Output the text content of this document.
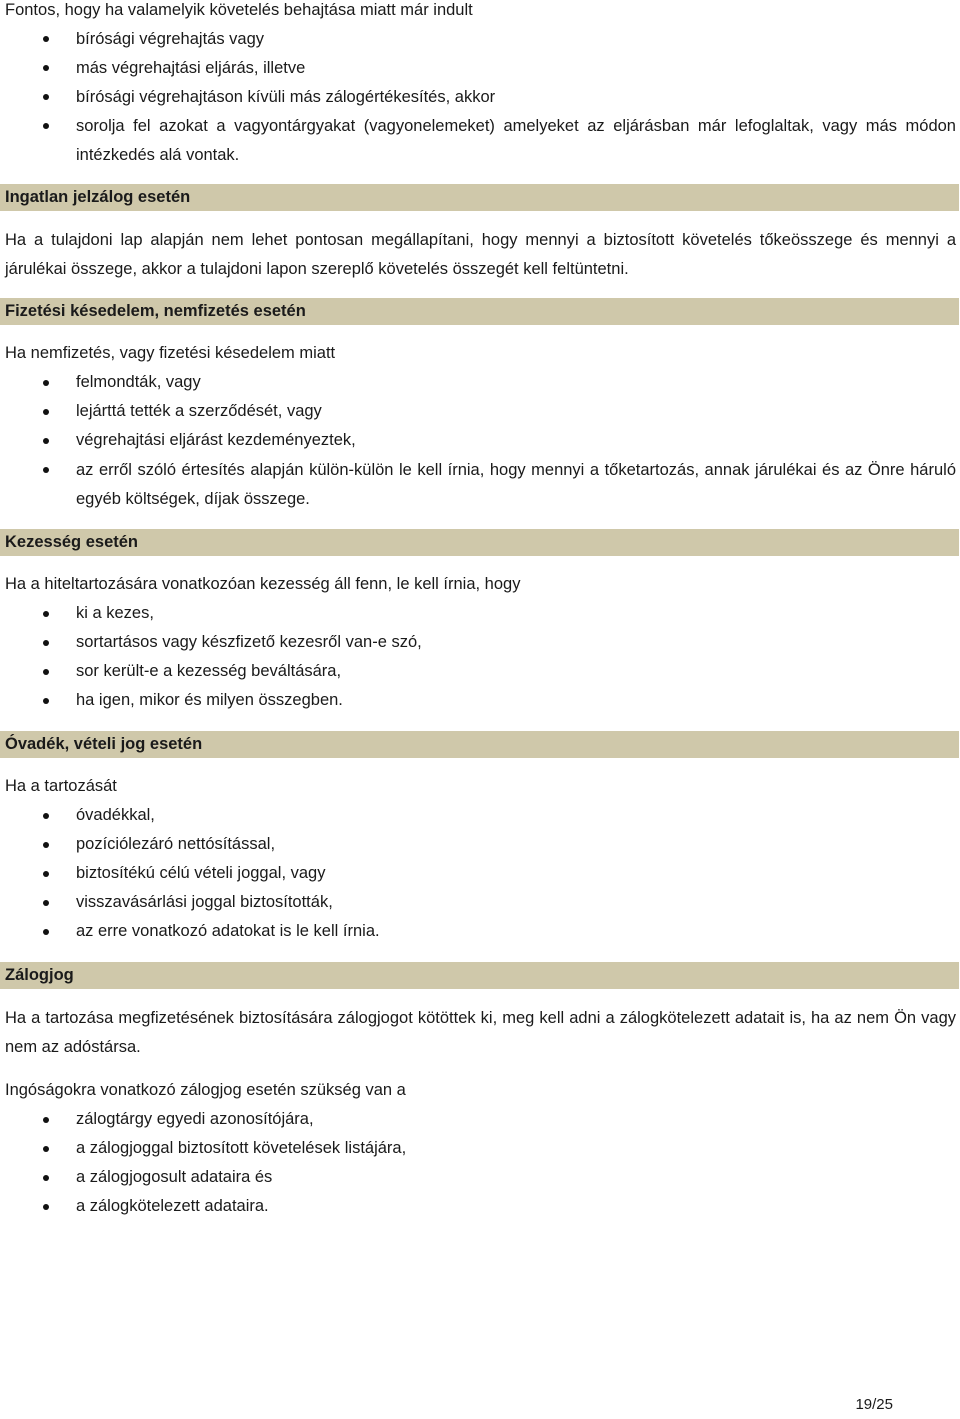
Fontos, hogy ha valamelyik követelés behajtása miatt már indult

bírósági végrehajtás vagy
más végrehajtási eljárás, illetve
bírósági végrehajtáson kívüli más zálogértékesítés, akkor
sorolja fel azokat a vagyontárgyakat (vagyonelemeket) amelyeket az eljárásban már lefoglaltak, vagy más módon intézkedés alá vontak.
Ingatlan jelzálog esetén

Ha a tulajdoni lap alapján nem lehet pontosan megállapítani, hogy mennyi a biztosított követelés tőkeösszege és mennyi a járulékai összege, akkor a tulajdoni lapon szereplő követelés összegét kell feltüntetni.

Fizetési késedelem, nemfizetés esetén

Ha nemfizetés, vagy fizetési késedelem miatt

felmondták, vagy
lejárttá tették a szerződését, vagy
végrehajtási eljárást kezdeményeztek,
az erről szóló értesítés alapján külön-külön le kell írnia, hogy mennyi a tőketartozás, annak járulékai és az Önre háruló egyéb költségek, díjak összege.
Kezesség esetén

Ha a hiteltartozására vonatkozóan kezesség áll fenn, le kell írnia, hogy

ki a kezes,
sortartásos vagy készfizető kezesről van-e szó,
sor került-e a kezesség beváltására,
ha igen, mikor és milyen összegben.
Óvadék, vételi jog esetén

Ha a tartozását

óvadékkal,
pozíciólezáró nettósítással,
biztosítékú célú vételi joggal, vagy
visszavásárlási joggal biztosították,
az erre vonatkozó adatokat is le kell írnia.
Zálogjog

Ha a tartozása megfizetésének biztosítására zálogjogot kötöttek ki, meg kell adni a zálogkötelezett adatait is, ha az nem Ön vagy nem az adóstársa.

Ingóságokra vonatkozó zálogjog esetén szükség van a

zálogtárgy egyedi azonosítójára,
a zálogjoggal biztosított követelések listájára,
a zálogjogosult adataira és
a zálogkötelezett adataira.
19/25
